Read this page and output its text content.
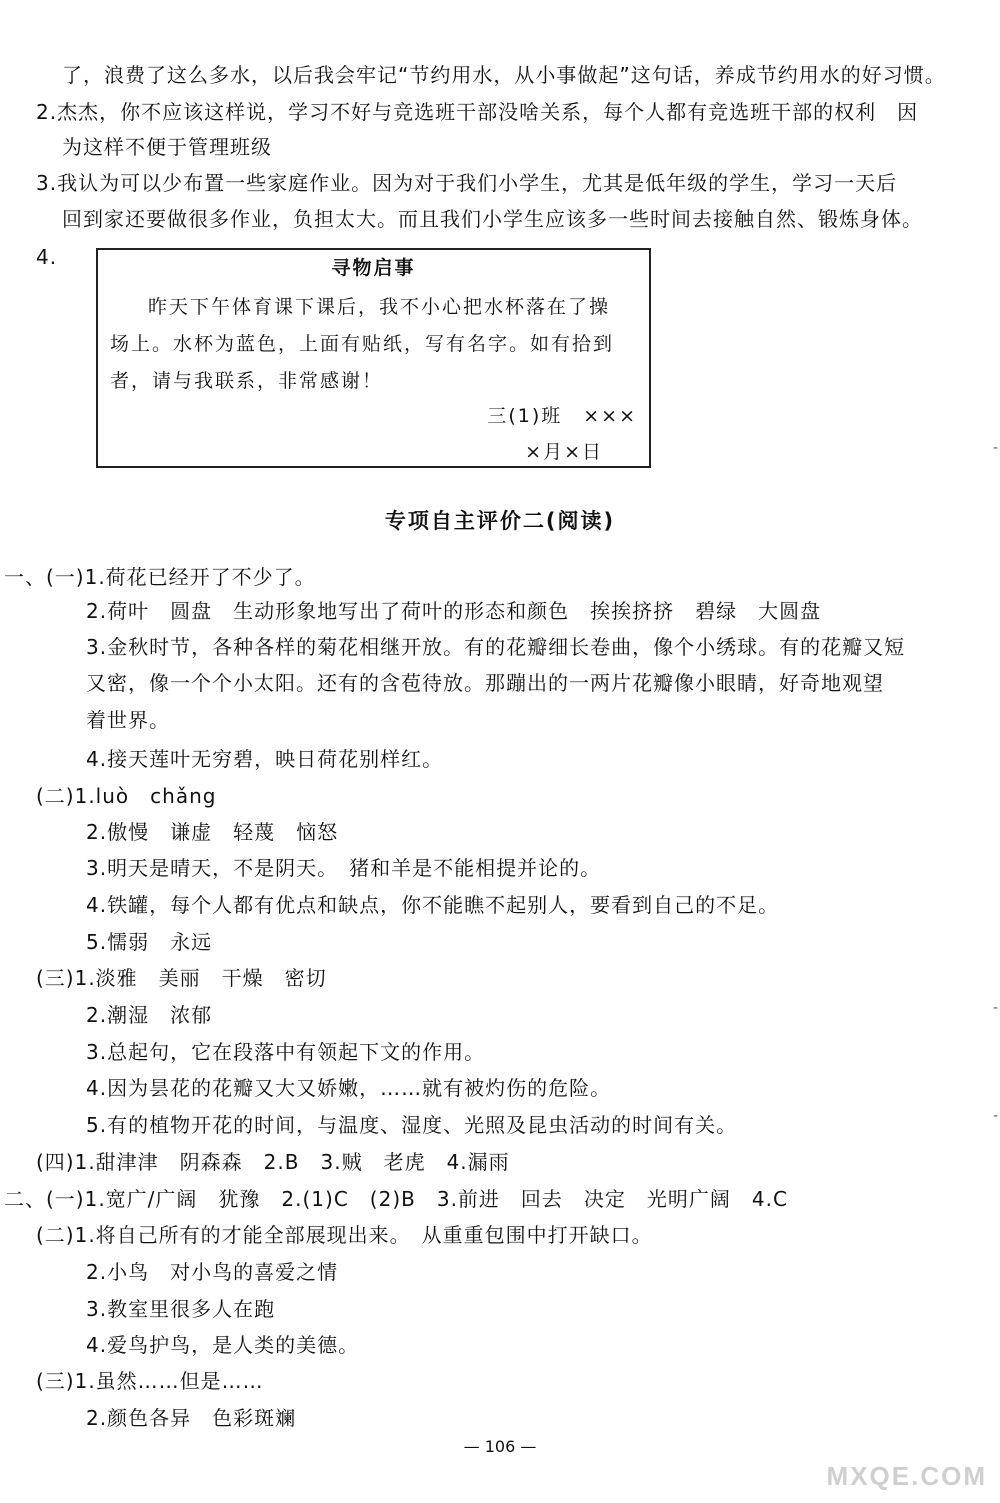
了，浪费了这么多水，以后我会牢记“节约用水，从小事做起”这句话，养成节约用水的好习惯。
2.杰杰，你不应该这样说，学习不好与竞选班干部没啥关系，每个人都有竞选班干部的权利　因
为这样不便于管理班级
3.我认为可以少布置一些家庭作业。因为对于我们小学生，尤其是低年级的学生，学习一天后
回到家还要做很多作业，负担太大。而且我们小学生应该多一些时间去接触自然、锻炼身体。
4.	寻物启事
昨天下午体育课下课后，我不小心把水杯落在了操
场上。水杯为蓝色，上面有贴纸，写有名字。如有拾到
者，请与我联系，非常感谢！
三(1)班　×××
×月×日
专项自主评价二(阅读)
一、(一)1.荷花已经开了不少了。
2.荷叶　圆盘　生动形象地写出了荷叶的形态和颜色　挨挨挤挤　碧绿　大圆盘
3.金秋时节，各种各样的菊花相继开放。有的花瓣细长卷曲，像个小绣球。有的花瓣又短
又密，像一个个小太阳。还有的含苞待放。那蹦出的一两片花瓣像小眼睛，好奇地观望
着世界。
4.接天莲叶无穷碧，映日荷花别样红。
(二)1.luò　chǎng
2.傲慢　谦虚　轻蔑　恼怒
3.明天是晴天，不是阴天。　猪和羊是不能相提并论的。
4.铁罐，每个人都有优点和缺点，你不能瞧不起别人，要看到自己的不足。
5.懦弱　永远
(三)1.淡雅　美丽　干燥　密切
2.潮湿　浓郁
3.总起句，它在段落中有领起下文的作用。
4.因为昙花的花瓣又大又娇嫩，……就有被灼伤的危险。
5.有的植物开花的时间，与温度、湿度、光照及昆虫活动的时间有关。
(四)1.甜津津　阴森森　2.B　3.贼　老虎　4.漏雨
二、(一)1.宽广/广阔　犹豫　2.(1)C　(2)B　3.前进　回去　决定　光明广阔　4.C
(二)1.将自己所有的才能全部展现出来。　从重重包围中打开缺口。
2.小鸟　对小鸟的喜爱之情
3.教室里很多人在跑
4.爱鸟护鸟，是人类的美德。
(三)1.虽然……但是……
2.颜色各异　色彩斑斓
— 106 —
MXQE.COM
-
-
-
